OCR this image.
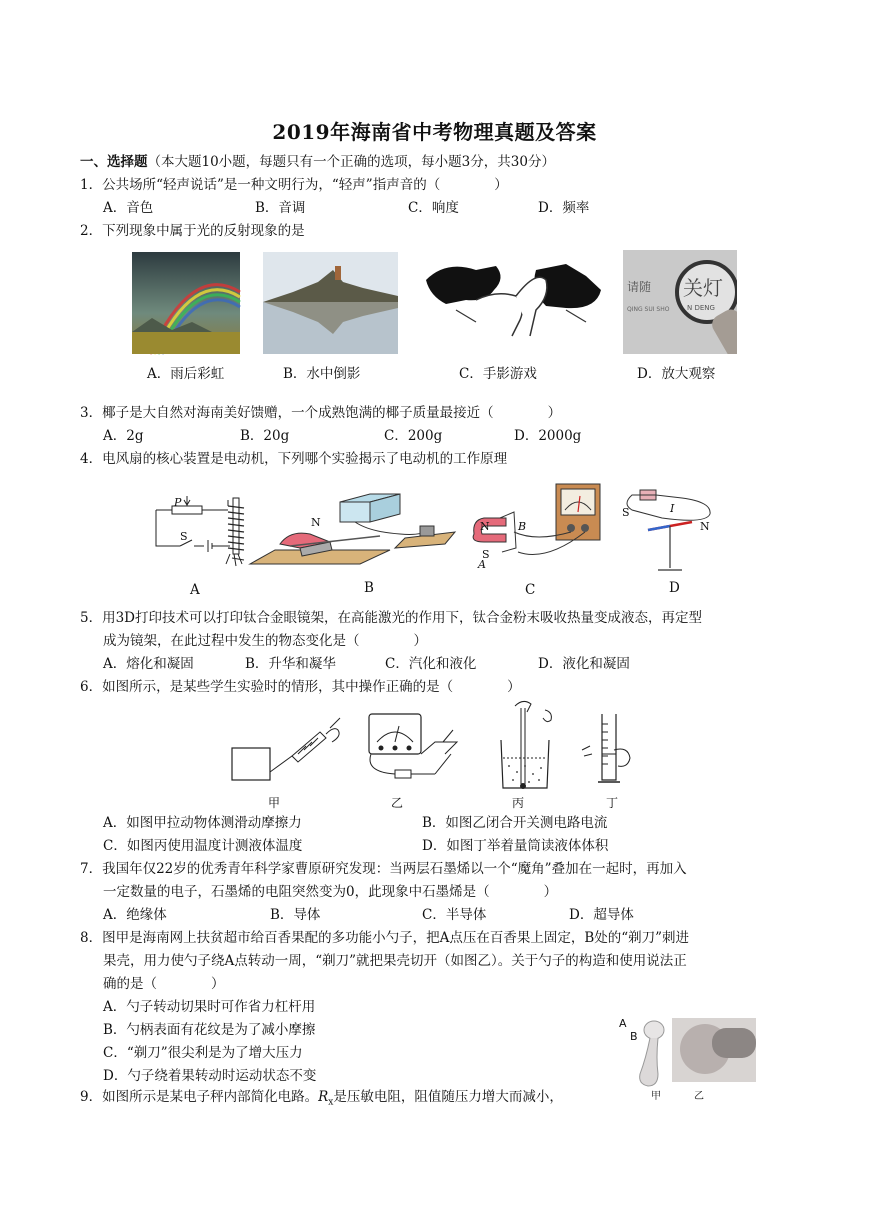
2019年海南省中考物理真题及答案
一、选择题（本大题10小题，每题只有一个正确的选项，每小题3分，共30分）
1．公共场所“轻声说话”是一种文明行为，“轻声”指声音的（　　　　）
A．音色	B．音调	C．响度	D．频率
2．下列现象中属于光的反射现象的是
请随
QING SUI SHO
关灯
N DENG
A．雨后彩虹	B．水中倒影	C．手影游戏	D．放大观察
3．椰子是大自然对海南美好馈赠，一个成熟饱满的椰子质量最接近（　　　　）
A．2g	B．20g	C．200g	D．2000g
4．电风扇的核心装置是电动机，下列哪个实验揭示了电动机的工作原理
P
S
N	N
S
B
A
S
N
I
A	B	C	D
5．用3D打印技术可以打印钛合金眼镜架，在高能激光的作用下，钛合金粉末吸收热量变成液态，再定型
成为镜架，在此过程中发生的物态变化是（　　　　）
A．熔化和凝固	B．升华和凝华	C．汽化和液化	D．液化和凝固
6．如图所示，是某些学生实验时的情形，其中操作正确的是（　　　　）
甲	乙	丙	丁
A．如图甲拉动物体测滑动摩擦力	B．如图乙闭合开关测电路电流
C．如图丙使用温度计测液体温度	D．如图丁举着量筒读液体体积
7．我国年仅22岁的优秀青年科学家曹原研究发现：当两层石墨烯以一个“魔角”叠加在一起时，再加入
一定数量的电子，石墨烯的电阻突然变为0，此现象中石墨烯是（　　　　）
A．绝缘体	B．导体	C．半导体	D．超导体
8．图甲是海南网上扶贫超市给百香果配的多功能小勺子，把A点压在百香果上固定，B处的“剃刀”刺进
果壳，用力使勺子绕A点转动一周，“剃刀”就把果壳切开（如图乙）。关于勺子的构造和使用说法正
确的是（　　　　）
A．勺子转动切果时可作省力杠杆用
B．勺柄表面有花纹是为了减小摩擦
C．“剃刀”很尖利是为了增大压力
D．勺子绕着果转动时运动状态不变
A
B
甲	乙
9．如图所示是某电子秤内部简化电路。$R_x$是压敏电阻，阻值随压力增大而减小，
